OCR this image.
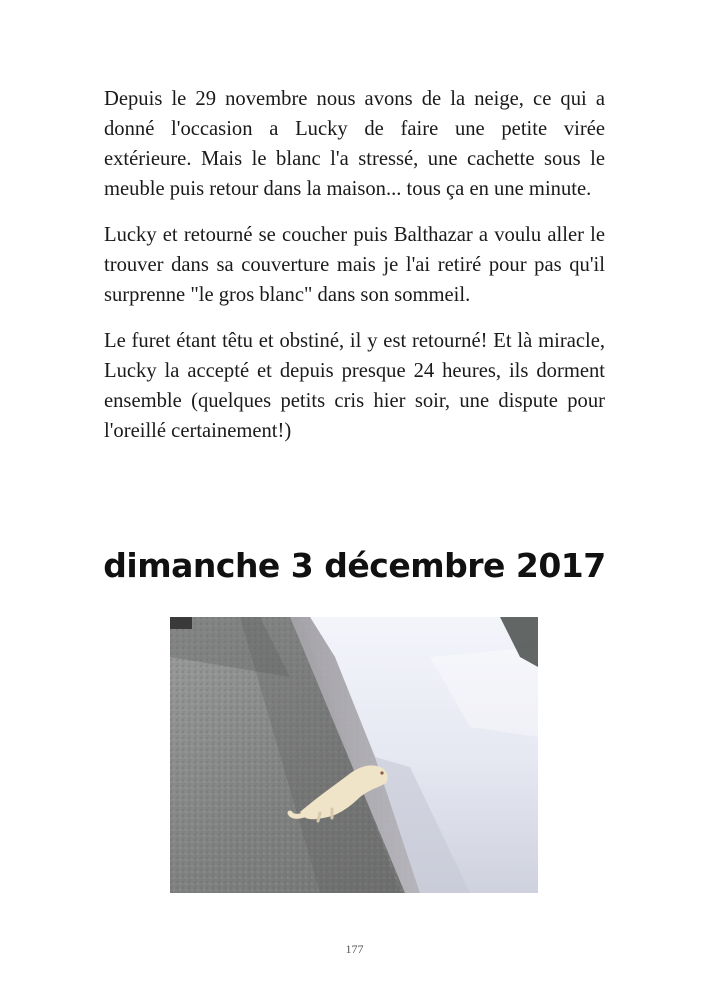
Depuis le 29 novembre nous avons de la neige, ce qui a donné l'occasion a Lucky de faire une petite virée extérieure. Mais le blanc l'a stressé, une cachette sous le meuble puis retour dans la maison... tous ça en une minute.

Lucky et retourné se coucher puis Balthazar a voulu aller le trouver dans sa couverture mais je l'ai retiré pour pas qu'il surprenne "le gros blanc" dans son sommeil.

Le furet étant têtu et obstiné, il y est retourné! Et là miracle, Lucky la accepté et depuis presque 24 heures, ils dorment ensemble (quelques petits cris hier soir, une dispute pour l'oreillé certainement!)

dimanche 3 décembre 2017
177
